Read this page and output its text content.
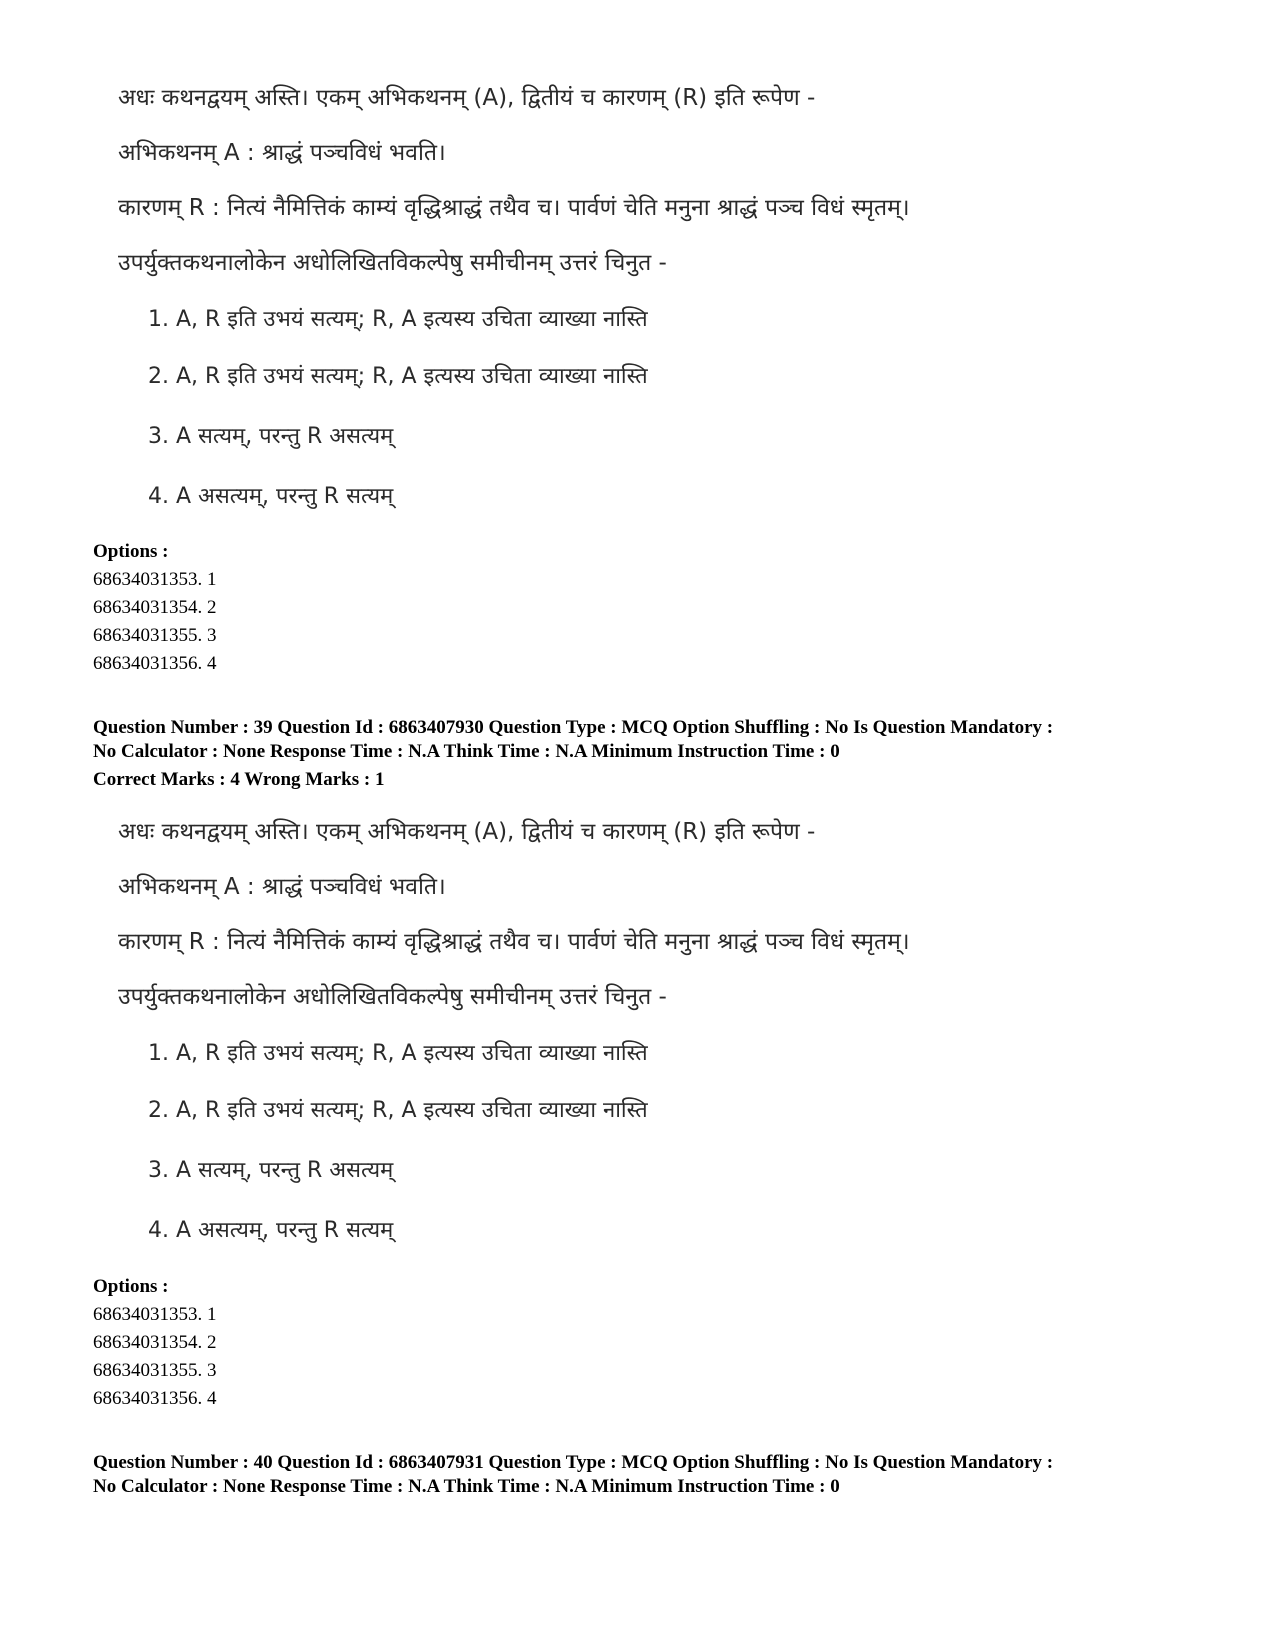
अधः कथनद्वयम् अस्ति। एकम् अभिकथनम् (A), द्वितीयं च कारणम् (R) इति रूपेण -
अभिकथनम् A : श्राद्धं पञ्चविधं भवति।
कारणम् R : नित्यं नैमित्तिकं काम्यं वृद्धिश्राद्धं तथैव च। पार्वणं चेति मनुना श्राद्धं पञ्च विधं स्मृतम्।
उपर्युक्तकथनालोकेन अधोलिखितविकल्पेषु समीचीनम् उत्तरं चिनुत -
1. A, R इति उभयं सत्यम्; R, A इत्यस्य उचिता व्याख्या नास्ति
2. A, R इति उभयं सत्यम्; R, A इत्यस्य उचिता व्याख्या नास्ति
3. A सत्यम्, परन्तु R असत्यम्
4. A असत्यम्, परन्तु R सत्यम्
Options :
68634031353. 1
68634031354. 2
68634031355. 3
68634031356. 4
Question Number : 39 Question Id : 6863407930 Question Type : MCQ Option Shuffling : No Is Question Mandatory :
No Calculator : None Response Time : N.A Think Time : N.A Minimum Instruction Time : 0
Correct Marks : 4 Wrong Marks : 1
अधः कथनद्वयम् अस्ति। एकम् अभिकथनम् (A), द्वितीयं च कारणम् (R) इति रूपेण -
अभिकथनम् A : श्राद्धं पञ्चविधं भवति।
कारणम् R : नित्यं नैमित्तिकं काम्यं वृद्धिश्राद्धं तथैव च। पार्वणं चेति मनुना श्राद्धं पञ्च विधं स्मृतम्।
उपर्युक्तकथनालोकेन अधोलिखितविकल्पेषु समीचीनम् उत्तरं चिनुत -
1. A, R इति उभयं सत्यम्; R, A इत्यस्य उचिता व्याख्या नास्ति
2. A, R इति उभयं सत्यम्; R, A इत्यस्य उचिता व्याख्या नास्ति
3. A सत्यम्, परन्तु R असत्यम्
4. A असत्यम्, परन्तु R सत्यम्
Options :
68634031353. 1
68634031354. 2
68634031355. 3
68634031356. 4
Question Number : 40 Question Id : 6863407931 Question Type : MCQ Option Shuffling : No Is Question Mandatory :
No Calculator : None Response Time : N.A Think Time : N.A Minimum Instruction Time : 0
